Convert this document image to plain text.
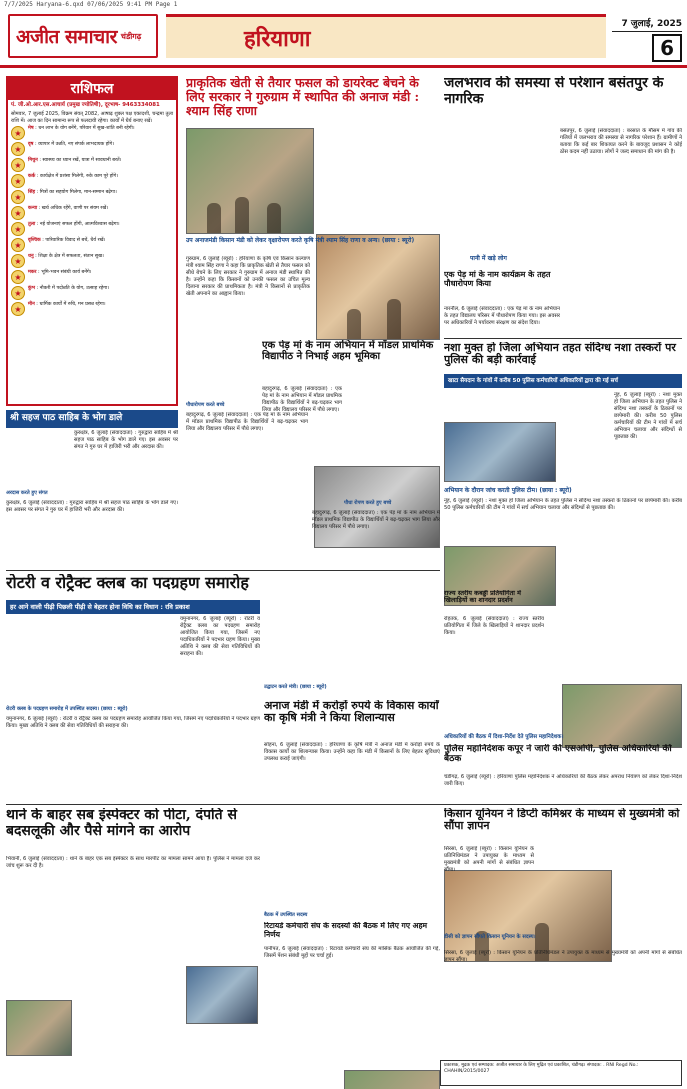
7/7/2025 Haryana-6.qxd 07/06/2025 9:41 PM Page 1
अजीत समाचार चंडीगढ़	हरियाणा
7 जुलाई, 2025
6
राशिफल
पं. जी.ओ.आर.एस.आचार्य (प्रमुख ज्योतिषी), दूरभाष- 9463334081
सोमवार, 7 जुलाई 2025, विक्रम संवत् 2082, आषाढ़ शुक्ल पक्ष एकादशी, चन्द्रमा तुला राशि में। आज का दिन सामान्य रूप से फलदायी रहेगा। कार्यों में धैर्य बनाए रखें।
★
मेष : धन लाभ के योग बनेंगे, परिवार में सुख-शांति बनी रहेगी।
★
वृष : व्यापार में उन्नति, नए संपर्क लाभदायक होंगे।
★
मिथुन : स्वास्थ्य का ध्यान रखें, यात्रा में सावधानी बरतें।
★
कर्क : कार्यक्षेत्र में प्रशंसा मिलेगी, रुके काम पूरे होंगे।
★
सिंह : मित्रों का सहयोग मिलेगा, मान-सम्मान बढ़ेगा।
★
कन्या : खर्च अधिक रहेंगे, वाणी पर संयम रखें।
★
तुला : नई योजनाएं सफल होंगी, आत्मविश्वास बढ़ेगा।
★
वृश्चिक : पारिवारिक विवाद से बचें, धैर्य रखें।
★
धनु : शिक्षा के क्षेत्र में सफलता, संतान सुख।
★
मकर : भूमि-भवन संबंधी कार्य बनेंगे।
★
कुंभ : नौकरी में पदोन्नति के योग, उत्साह रहेगा।
★
मीन : धार्मिक कार्यों में रुचि, मन प्रसन्न रहेगा।
प्राकृतिक खेती से तैयार फसल को डायरेक्ट बेचने के लिए सरकार ने गुरुग्राम में स्थापित की अनाज मंडी : श्याम सिंह राणा
उप अनाजमंडी किसान मंडी को लेकर वृक्षारोपण करते कृषि मंत्री श्याम सिंह राणा व अन्य। (छाया : ब्यूरो)
गुरुग्राम, 6 जुलाई (ब्यूरो) : हरियाणा के कृषि एवं किसान कल्याण मंत्री श्याम सिंह राणा ने कहा कि प्राकृतिक खेती से तैयार फसल को सीधे बेचने के लिए सरकार ने गुरुग्राम में अनाज मंडी स्थापित की है। उन्होंने कहा कि किसानों को उनकी फसल का उचित मूल्य दिलाना सरकार की प्राथमिकता है। मंत्री ने किसानों से प्राकृतिक खेती अपनाने का आह्वान किया।
जलभराव की समस्या से परेशान बसंतपुर के नागरिक
बसंतपुर, 6 जुलाई (संवाददाता) : बरसात के मौसम में गांव की गलियों में जलभराव की समस्या से नागरिक परेशान हैं। ग्रामीणों ने बताया कि कई बार शिकायत करने के बावजूद प्रशासन ने कोई ठोस कदम नहीं उठाया। लोगों ने जल्द समाधान की मांग की है।
पानी में खड़े लोग
एक पेड़ मां के नाम कार्यक्रम के तहत पौधारोपण किया
नारनौल, 6 जुलाई (संवाददाता) : एक पेड़ मां के नाम अभियान के तहत विद्यालय परिसर में पौधारोपण किया गया। इस अवसर पर अधिकारियों ने पर्यावरण संरक्षण का संदेश दिया।
नशा मुक्त हो जिला अभियान तहत संदिग्ध नशा तस्करों पर पुलिस की बड़ी कार्रवाई
खाटा सैयदान के गांवों में करीब 50 पुलिस कर्मचारियों अधिकारियों द्वारा की गई सर्च
नूंह, 6 जुलाई (ब्यूरो) : नशा मुक्त हो जिला अभियान के तहत पुलिस ने संदिग्ध नशा तस्करों के ठिकानों पर छापेमारी की। करीब 50 पुलिस कर्मचारियों की टीम ने गांवों में सर्च अभियान चलाया और संदिग्धों से पूछताछ की।
अभियान के दौरान जांच करती पुलिस टीम। (छाया : ब्यूरो)
नूंह, 6 जुलाई (ब्यूरो) : नशा मुक्त हो जिला अभियान के तहत पुलिस ने संदिग्ध नशा तस्करों के ठिकानों पर छापेमारी की। करीब 50 पुलिस कर्मचारियों की टीम ने गांवों में सर्च अभियान चलाया और संदिग्धों से पूछताछ की।
श्री सहज पाठ साहिब के भोग डाले
कुरुक्षेत्र, 6 जुलाई (संवाददाता) : गुरुद्वारा साहिब में श्री सहज पाठ साहिब के भोग डाले गए। इस अवसर पर संगत ने गुरु घर में हाजिरी भरी और अरदास की।
अरदास करते हुए संगत
कुरुक्षेत्र, 6 जुलाई (संवाददाता) : गुरुद्वारा साहिब में श्री सहज पाठ साहिब के भोग डाले गए। इस अवसर पर संगत ने गुरु घर में हाजिरी भरी और अरदास की।
पौधारोपण करते बच्चे
एक पेड़ मां के नाम अभियान में मॉडल प्राथमिक विद्यापीठ ने निभाई अहम भूमिका
बहादुरगढ़, 6 जुलाई (संवाददाता) : एक पेड़ मां के नाम अभियान में मॉडल प्राथमिक विद्यापीठ के विद्यार्थियों ने बढ़-चढ़कर भाग लिया और विद्यालय परिसर में पौधे लगाए।
बहादुरगढ़, 6 जुलाई (संवाददाता) : एक पेड़ मां के नाम अभियान में मॉडल प्राथमिक विद्यापीठ के विद्यार्थियों ने बढ़-चढ़कर भाग लिया और विद्यालय परिसर में पौधे लगाए।
पौधा रोपण करते हुए बच्चे
बहादुरगढ़, 6 जुलाई (संवाददाता) : एक पेड़ मां के नाम अभियान में मॉडल प्राथमिक विद्यापीठ के विद्यार्थियों ने बढ़-चढ़कर भाग लिया और विद्यालय परिसर में पौधे लगाए।
रोटरी व रोट्रैक्ट क्लब का पदग्रहण समारोह
हर आने वाली पीढ़ी पिछली पीढ़ी से बेहतर होना विधि का विधान : रवि प्रकाश
रोटरी क्लब के पदग्रहण समारोह में उपस्थित सदस्य। (छाया : ब्यूरो)
यमुनानगर, 6 जुलाई (ब्यूरो) : रोटरी व रोट्रैक्ट क्लब का पदग्रहण समारोह आयोजित किया गया, जिसमें नए पदाधिकारियों ने पदभार ग्रहण किया। मुख्य अतिथि ने क्लब की सेवा गतिविधियों की सराहना की।
यमुनानगर, 6 जुलाई (ब्यूरो) : रोटरी व रोट्रैक्ट क्लब का पदग्रहण समारोह आयोजित किया गया, जिसमें नए पदाधिकारियों ने पदभार ग्रहण किया। मुख्य अतिथि ने क्लब की सेवा गतिविधियों की सराहना की।
उद्घाटन करते मंत्री। (छाया : ब्यूरो)
अनाज मंडी में करोड़ों रुपये के विकास कार्यों का कृषि मंत्री ने किया शिलान्यास
सोहना, 6 जुलाई (संवाददाता) : हरियाणा के कृषि मंत्री ने अनाज मंडी में करोड़ों रुपये के विकास कार्यों का शिलान्यास किया। उन्होंने कहा कि मंडी में किसानों के लिए बेहतर सुविधाएं उपलब्ध कराई जाएंगी।
राज्य स्तरीय कबड्डी प्रतियोगिता में खिलाड़ियों का शानदार प्रदर्शन
रोहतक, 6 जुलाई (संवाददाता) : राज्य स्तरीय प्रतियोगिता में जिले के खिलाड़ियों ने शानदार प्रदर्शन किया।
अधिकारियों की बैठक में दिशा-निर्देश देते पुलिस महानिदेशक।
पुलिस महानिदेशक कपूर ने जारी की एसओपी, पुलिस अधिकारियों की बैठक
चंडीगढ़, 6 जुलाई (ब्यूरो) : हरियाणा पुलिस महानिदेशक ने अधिकारियों की बैठक लेकर अपराध नियंत्रण को लेकर दिशा-निर्देश जारी किए।
थाने के बाहर सब इंस्पेक्टर को पीटा, दंपति से बदसलूकी और पैसे मांगने का आरोप
भिवानी, 6 जुलाई (संवाददाता) : थाने के बाहर एक सब इंस्पेक्टर के साथ मारपीट का मामला सामने आया है। पुलिस ने मामला दर्ज कर जांच शुरू कर दी है।
बैठक में उपस्थित सदस्य
रिटायर्ड कर्मचारी संघ के सदस्यों की बैठक में लिए गए अहम निर्णय
पानीपत, 6 जुलाई (संवाददाता) : रिटायर्ड कर्मचारी संघ की मासिक बैठक आयोजित की गई, जिसमें पेंशन संबंधी मुद्दों पर चर्चा हुई।
किसान यूनियन ने डिप्टी कमिश्नर के माध्यम से मुख्यमंत्री को सौंपा ज्ञापन
सिरसा, 6 जुलाई (ब्यूरो) : किसान यूनियन के प्रतिनिधिमंडल ने उपायुक्त के माध्यम से मुख्यमंत्री को अपनी मांगों से संबंधित ज्ञापन सौंपा।
डीसी को ज्ञापन सौंपते किसान यूनियन के सदस्य।
सिरसा, 6 जुलाई (ब्यूरो) : किसान यूनियन के प्रतिनिधिमंडल ने उपायुक्त के माध्यम से मुख्यमंत्री को अपनी मांगों से संबंधित ज्ञापन सौंपा।
प्रकाशक, मुद्रक एवं सम्पादक: अजीत समाचार के लिए मुद्रित एवं प्रकाशित, चंडीगढ़। संपादक: . RNI Regd No.: CHAHIN/2015/0027
